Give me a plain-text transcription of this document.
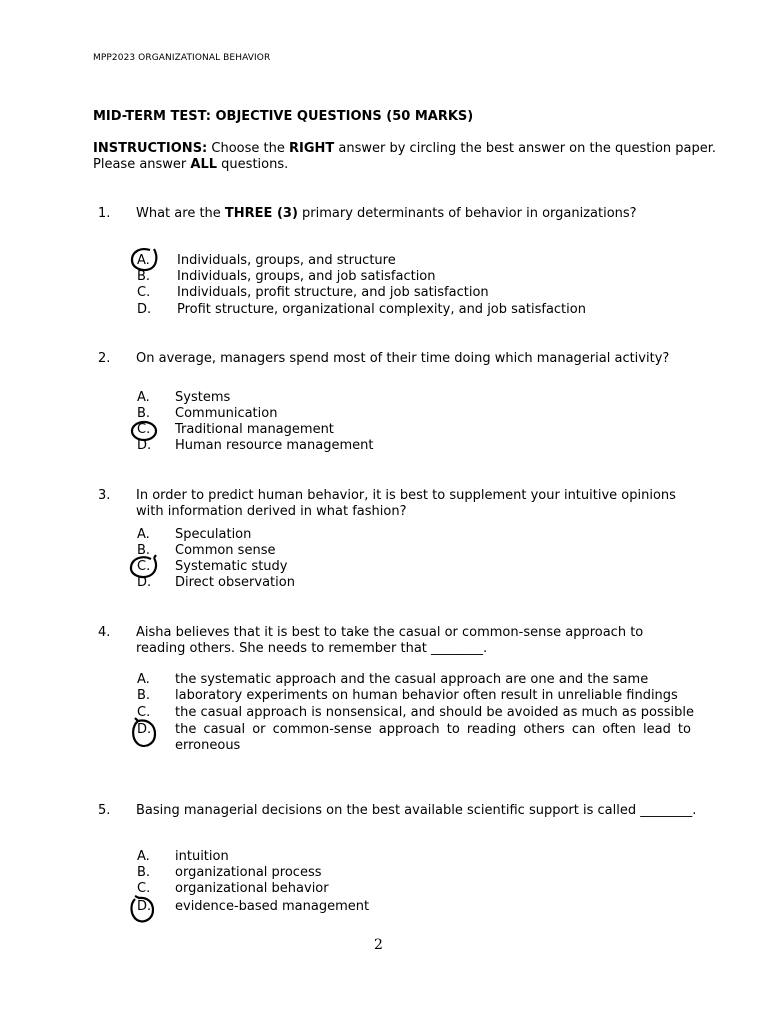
MPP2023 ORGANIZATIONAL BEHAVIOR
MID-TERM TEST: OBJECTIVE QUESTIONS (50 MARKS)
INSTRUCTIONS: Choose the RIGHT answer by circling the best answer on the question paper. Please answer ALL questions.
1. What are the THREE (3) primary determinants of behavior in organizations?
A. Individuals, groups, and structure
B. Individuals, groups, and job satisfaction
C. Individuals, profit structure, and job satisfaction
D. Profit structure, organizational complexity, and job satisfaction
2. On average, managers spend most of their time doing which managerial activity?
A. Systems
B. Communication
C. Traditional management
D. Human resource management
3. In order to predict human behavior, it is best to supplement your intuitive opinions with information derived in what fashion?
A. Speculation
B. Common sense
C. Systematic study
D. Direct observation
4. Aisha believes that it is best to take the casual or common-sense approach to reading others. She needs to remember that ________.
A. the systematic approach and the casual approach are one and the same
B. laboratory experiments on human behavior often result in unreliable findings
C. the casual approach is nonsensical, and should be avoided as much as possible
D. the casual or common-sense approach to reading others can often lead to erroneous
5. Basing managerial decisions on the best available scientific support is called ________.
A. intuition
B. organizational process
C. organizational behavior
D. evidence-based management
2
